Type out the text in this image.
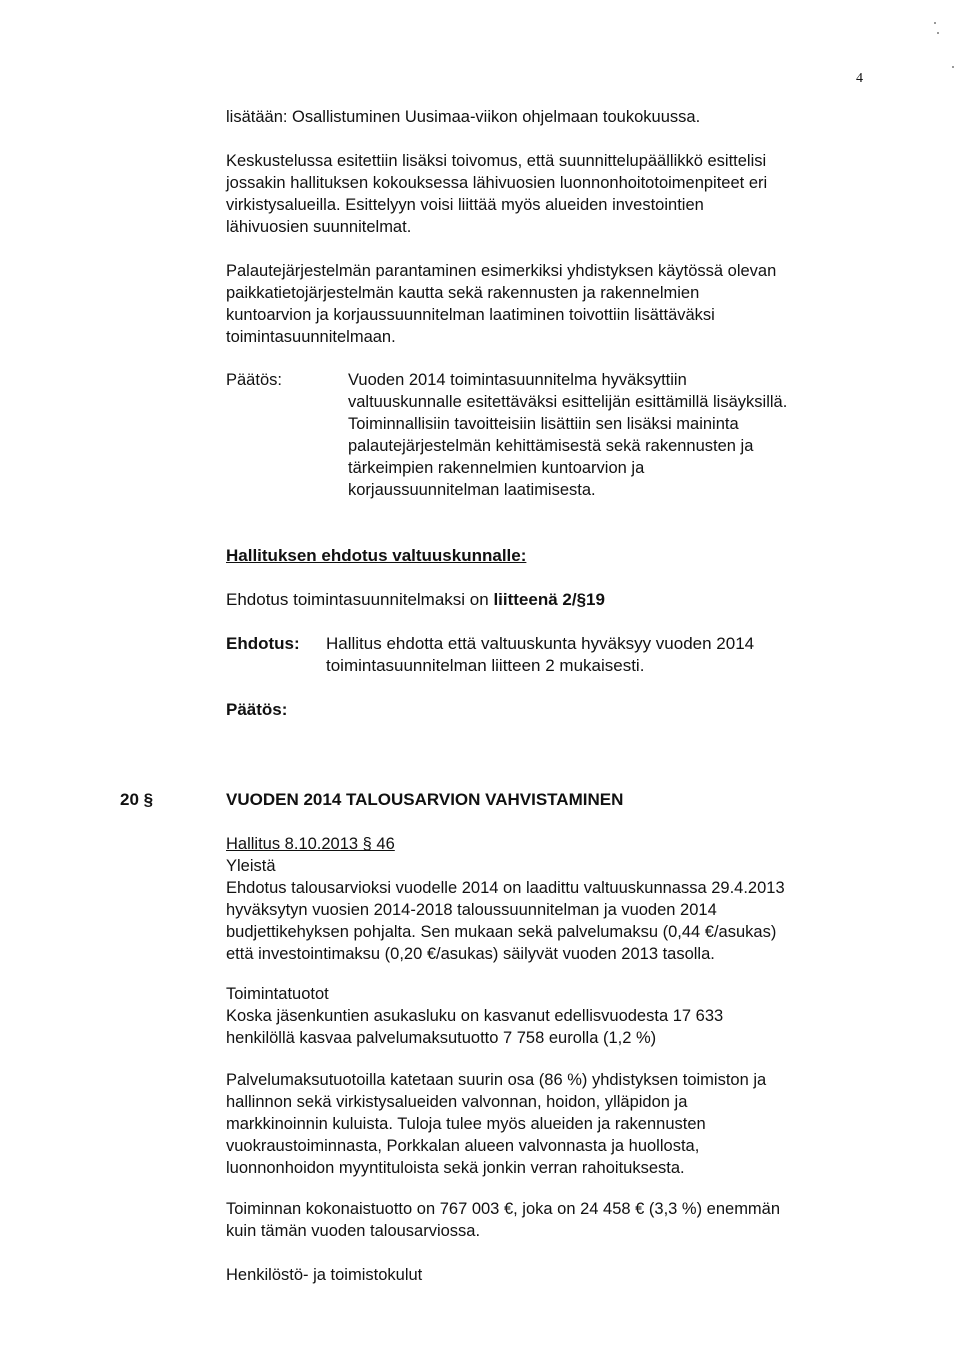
4

lisätään: Osallistuminen Uusimaa-viikon ohjelmaan toukokuussa.

Keskustelussa esitettiin lisäksi toivomus, että suunnittelupäällikkö esittelisi

jossakin hallituksen kokouksessa lähivuosien luonnonhoitotoimenpiteet eri

virkistysalueilla. Esittelyyn voisi liittää myös alueiden investointien

lähivuosien suunnitelmat.

Palautejärjestelmän parantaminen esimerkiksi yhdistyksen käytössä olevan

paikkatietojärjestelmän kautta sekä rakennusten ja rakennelmien

kuntoarvion ja korjaussuunnitelman laatiminen toivottiin lisättäväksi

toimintasuunnitelmaan.

Päätös:	Vuoden 2014 toimintasuunnitelma hyväksyttiin

valtuuskunnalle esitettäväksi esittelijän esittämillä lisäyksillä.

Toiminnallisiin tavoitteisiin lisättiin sen lisäksi maininta

palautejärjestelmän kehittämisestä sekä rakennusten ja

tärkeimpien rakennelmien kuntoarvion ja

korjaussuunnitelman laatimisesta.

Hallituksen ehdotus valtuuskunnalle:
Ehdotus toimintasuunnitelmaksi on liitteenä 2/§19
Ehdotus: Hallitus ehdotta että valtuuskunta hyväksyy vuoden 2014

toimintasuunnitelman liitteen 2 mukaisesti.

Päätös:
20 §	VUODEN 2014 TALOUSARVION VAHVISTAMINEN

Hallitus 8.10.2013 § 46

Yleistä

Ehdotus talousarvioksi vuodelle 2014 on laadittu valtuuskunnassa 29.4.2013

hyväksytyn vuosien 2014-2018 taloussuunnitelman ja vuoden 2014

budjettikehyksen pohjalta. Sen mukaan sekä palvelumaksu (0,44 €/asukas)

että investointimaksu (0,20 €/asukas) säilyvät vuoden 2013 tasolla.

Toimintatuotot

Koska jäsenkuntien asukasluku on kasvanut edellisvuodesta 17 633

henkilöllä kasvaa palvelumaksutuotto 7 758 eurolla (1,2 %)

Palvelumaksutuotoilla katetaan suurin osa (86 %) yhdistyksen toimiston ja

hallinnon sekä virkistysalueiden valvonnan, hoidon, ylläpidon ja

markkinoinnin kuluista. Tuloja tulee myös alueiden ja rakennusten

vuokraustoiminnasta, Porkkalan alueen valvonnasta ja huollosta,

luonnonhoidon myyntituloista sekä jonkin verran rahoituksesta.

Toiminnan kokonaistuotto on 767 003 €, joka on 24 458 € (3,3 %) enemmän

kuin tämän vuoden talousarviossa.

Henkilöstö- ja toimistokulut
